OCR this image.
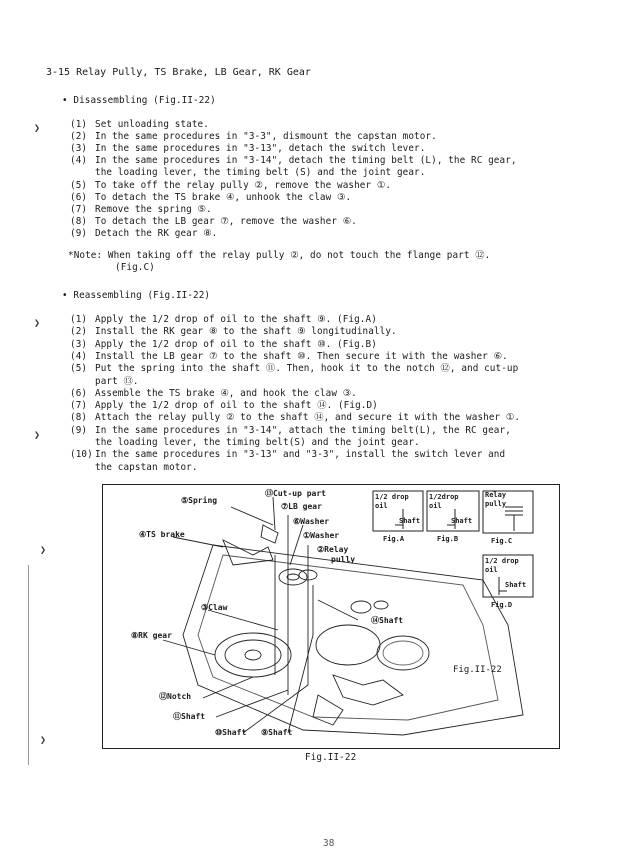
3-15 Relay Pully, TS Brake, LB Gear, RK Gear
• Disassembling (Fig.II-22)
(1) Set unloading state.
(2) In the same procedures in "3-3", dismount the capstan motor.
(3) In the same procedures in "3-13", detach the switch lever.
(4) In the same procedures in "3-14", detach the timing belt (L), the RC gear,
the loading lever, the timing belt (S) and the joint gear.
(5) To take off the relay pully ②, remove the washer ①.
(6) To detach the TS brake ④, unhook the claw ③.
(7) Remove the spring ⑤.
(8) To detach the LB gear ⑦, remove the washer ⑥.
(9) Detach the RK gear ⑧.
*Note: When taking off the relay pully ②, do not touch the flange part ⑫.
(Fig.C)
• Reassembling (Fig.II-22)
(1) Apply the 1/2 drop of oil to the shaft ⑨. (Fig.A)
(2) Install the RK gear ⑧ to the shaft ⑨ longitudinally.
(3) Apply the 1/2 drop of oil to the shaft ⑩. (Fig.B)
(4) Install the LB gear ⑦ to the shaft ⑩. Then secure it with the washer ⑥.
(5) Put the spring into the shaft ⑪. Then, hook it to the notch ⑫, and cut-up
part ⑬.
(6) Assemble the TS brake ④, and hook the claw ③.
(7) Apply the 1/2 drop of oil to the shaft ⑭. (Fig.D)
(8) Attach the relay pully ② to the shaft ⑭, and secure it with the washer ①.
(9) In the same procedures in "3-14", attach the timing belt(L), the RC gear,
the loading lever, the timing belt(S) and the joint gear.
(10) In the same procedures in "3-13" and "3-3", install the switch lever and
the capstan motor.
⑤Spring
⑬Cut-up part
⑦LB gear
⑥Washer
①Washer
②Relay
pully
④TS brake
③Claw
⑧RK gear
⑭Shaft
⑫Notch
⑪Shaft
⑩Shaft ⑨Shaft
Fig.II-22
1/2 drop
oil
Shaft
Fig.A
1/2drop
oil
Shaft
Fig.B
Relay
pully
Fig.C
1/2 drop
oil
Shaft
Fig.D
Fig.II-22
38
❯
❯
❯
❯
❯
